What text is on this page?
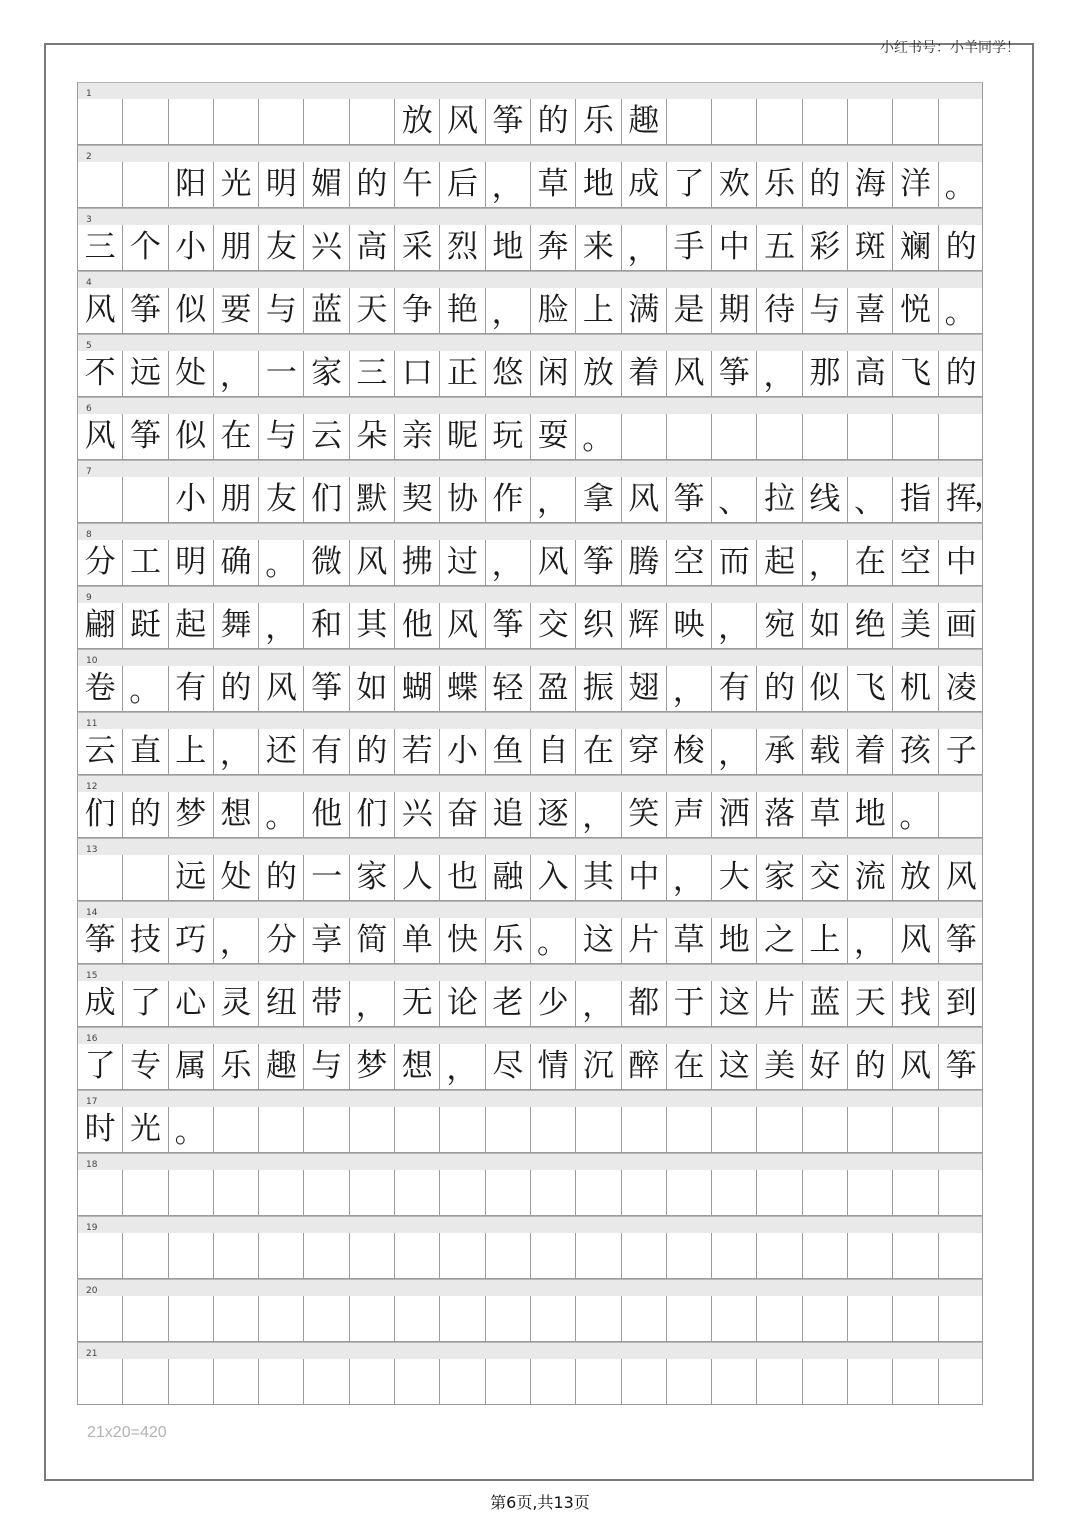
小红书号：小羊同学！
1
放 风 筝 的 乐 趣
2
阳 光 明 媚 的 午 后 ， 草 地 成 了 欢 乐 的 海 洋 。
3
三 个 小 朋 友 兴 高 采 烈 地 奔 来 ， 手 中 五 彩 斑 斓 的
4
风 筝 似 要 与 蓝 天 争 艳 ， 脸 上 满 是 期 待 与 喜 悦 。
5
不 远 处 ， 一 家 三 口 正 悠 闲 放 着 风 筝 ， 那 高 飞 的
6
风 筝 似 在 与 云 朵 亲 昵 玩 耍 。
7
小 朋 友 们 默 契 协 作 ， 拿 风 筝 、 拉 线 、 指 挥
，
8
分 工 明 确 。 微 风 拂 过 ， 风 筝 腾 空 而 起 ， 在 空 中
9
翩 跹 起 舞 ， 和 其 他 风 筝 交 织 辉 映 ， 宛 如 绝 美 画
10
卷 。 有 的 风 筝 如 蝴 蝶 轻 盈 振 翅 ， 有 的 似 飞 机 凌
11
云 直 上 ， 还 有 的 若 小 鱼 自 在 穿 梭 ， 承 载 着 孩 子
12
们 的 梦 想 。 他 们 兴 奋 追 逐 ， 笑 声 洒 落 草 地 。
13
远 处 的 一 家 人 也 融 入 其 中 ， 大 家 交 流 放 风
14
筝 技 巧 ， 分 享 简 单 快 乐 。 这 片 草 地 之 上 ， 风 筝
15
成 了 心 灵 纽 带 ， 无 论 老 少 ， 都 于 这 片 蓝 天 找 到
16
了 专 属 乐 趣 与 梦 想 ， 尽 情 沉 醉 在 这 美 好 的 风 筝
17
时 光 。
18
19
20
21
21x20=420
第6页,共13页
